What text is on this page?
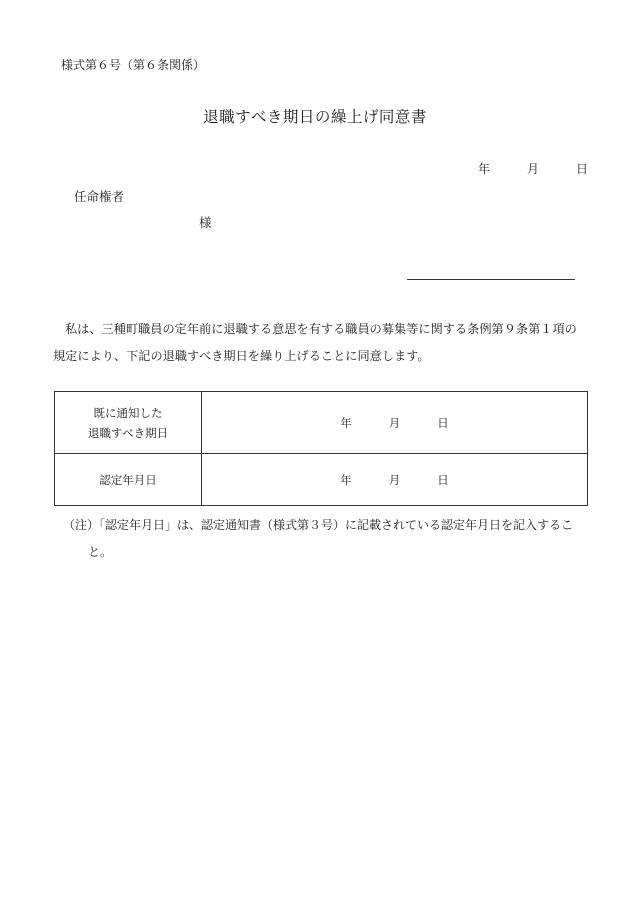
様式第６号（第６条関係）
退職すべき期日の繰上げ同意書
年	月	日
任命権者
様
私は、三種町職員の定年前に退職する意思を有する職員の募集等に関する条例第９条第１項の
規定により、下記の退職すべき期日を繰り上げることに同意します。
既に通知した
退職すべき期日	年 月 日
認定年月日	年 月 日
（注）「認定年月日」は、認定通知書（様式第３号）に記載されている認定年月日を記入するこ
と。
